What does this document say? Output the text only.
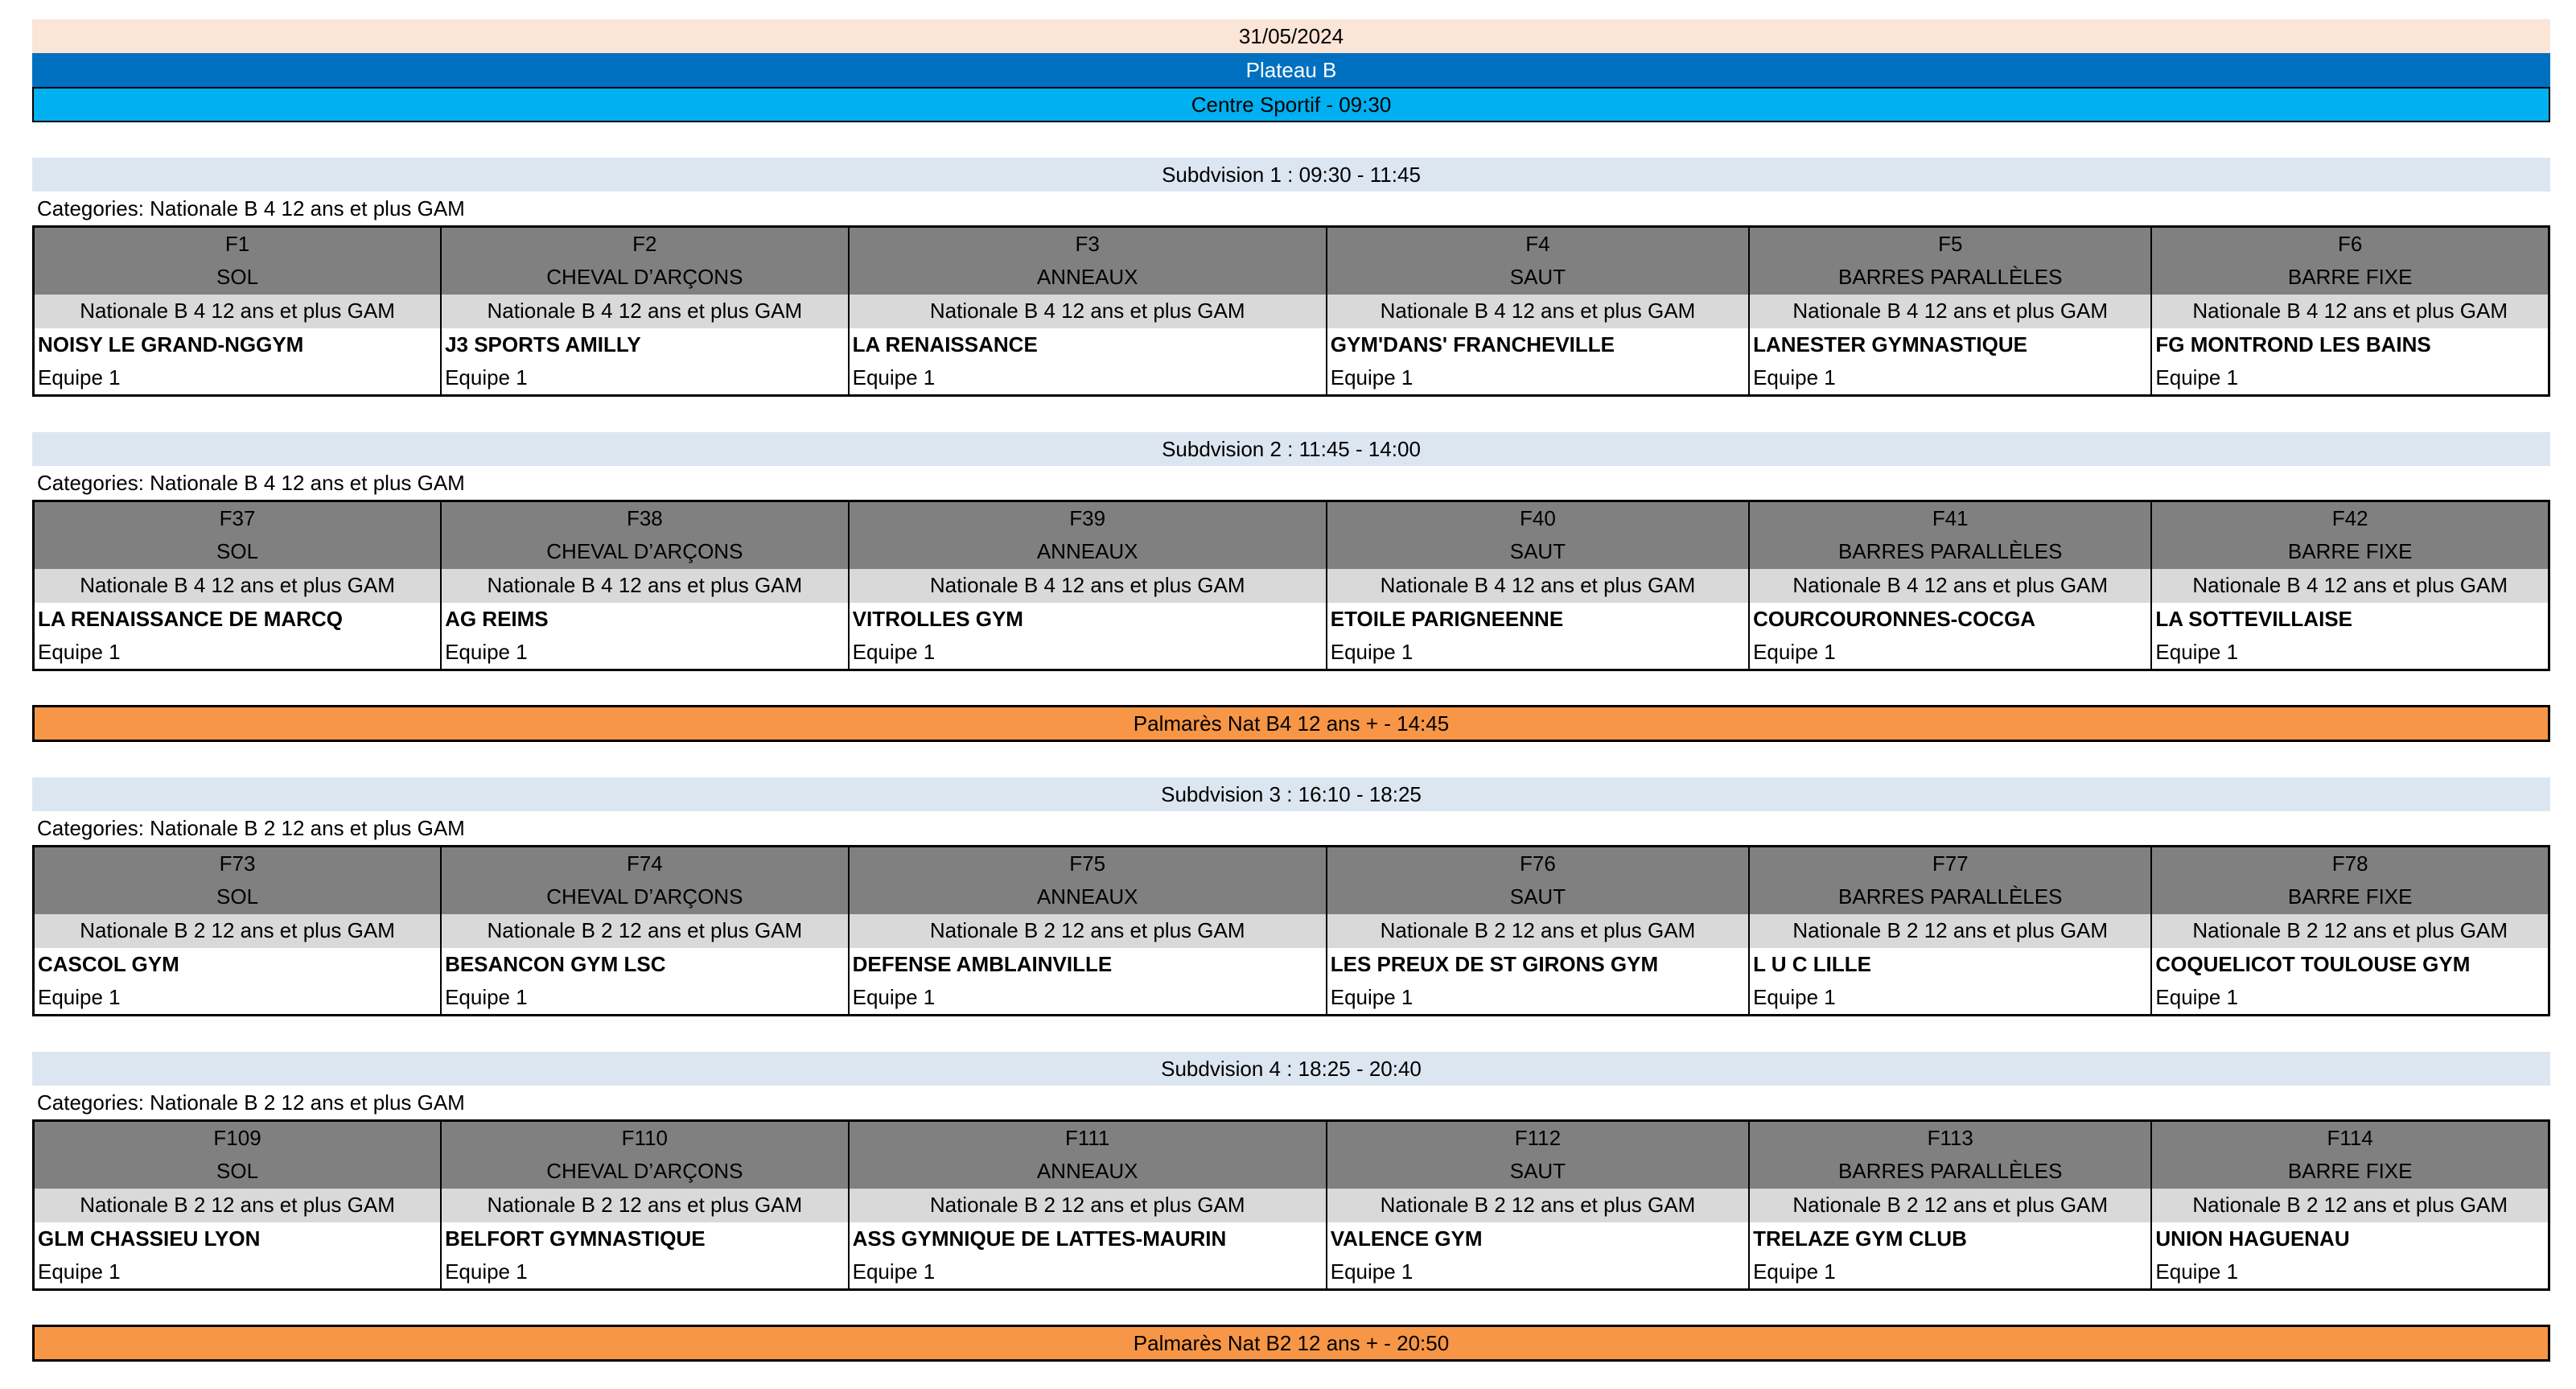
31/05/2024
Plateau B
Centre Sportif - 09:30
Subdvision 1 : 09:30 - 11:45
Categories: Nationale B 4 12 ans et plus GAM
F1	F2	F3	F4	F5	F6
SOL	CHEVAL D’ARÇONS	ANNEAUX	SAUT	BARRES PARALLÈLES	BARRE FIXE
Nationale B 4 12 ans et plus GAM	Nationale B 4 12 ans et plus GAM	Nationale B 4 12 ans et plus GAM	Nationale B 4 12 ans et plus GAM	Nationale B 4 12 ans et plus GAM	Nationale B 4 12 ans et plus GAM
NOISY LE GRAND-NGGYM	J3 SPORTS AMILLY	LA RENAISSANCE	GYM'DANS' FRANCHEVILLE	LANESTER GYMNASTIQUE	FG MONTROND LES BAINS
Equipe 1	Equipe 1	Equipe 1	Equipe 1	Equipe 1	Equipe 1
Subdvision 2 : 11:45 - 14:00
Categories: Nationale B 4 12 ans et plus GAM
F37	F38	F39	F40	F41	F42
SOL	CHEVAL D’ARÇONS	ANNEAUX	SAUT	BARRES PARALLÈLES	BARRE FIXE
Nationale B 4 12 ans et plus GAM	Nationale B 4 12 ans et plus GAM	Nationale B 4 12 ans et plus GAM	Nationale B 4 12 ans et plus GAM	Nationale B 4 12 ans et plus GAM	Nationale B 4 12 ans et plus GAM
LA RENAISSANCE DE MARCQ	AG REIMS	VITROLLES GYM	ETOILE PARIGNEENNE	COURCOURONNES-COCGA	LA SOTTEVILLAISE
Equipe 1	Equipe 1	Equipe 1	Equipe 1	Equipe 1	Equipe 1
Palmarès Nat B4 12 ans + - 14:45
Subdvision 3 : 16:10 - 18:25
Categories: Nationale B 2 12 ans et plus GAM
F73	F74	F75	F76	F77	F78
SOL	CHEVAL D’ARÇONS	ANNEAUX	SAUT	BARRES PARALLÈLES	BARRE FIXE
Nationale B 2 12 ans et plus GAM	Nationale B 2 12 ans et plus GAM	Nationale B 2 12 ans et plus GAM	Nationale B 2 12 ans et plus GAM	Nationale B 2 12 ans et plus GAM	Nationale B 2 12 ans et plus GAM
CASCOL GYM	BESANCON GYM LSC	DEFENSE AMBLAINVILLE	LES PREUX DE ST GIRONS GYM	L U C LILLE	COQUELICOT TOULOUSE GYM
Equipe 1	Equipe 1	Equipe 1	Equipe 1	Equipe 1	Equipe 1
Subdvision 4 : 18:25 - 20:40
Categories: Nationale B 2 12 ans et plus GAM
F109	F110	F111	F112	F113	F114
SOL	CHEVAL D’ARÇONS	ANNEAUX	SAUT	BARRES PARALLÈLES	BARRE FIXE
Nationale B 2 12 ans et plus GAM	Nationale B 2 12 ans et plus GAM	Nationale B 2 12 ans et plus GAM	Nationale B 2 12 ans et plus GAM	Nationale B 2 12 ans et plus GAM	Nationale B 2 12 ans et plus GAM
GLM CHASSIEU LYON	BELFORT GYMNASTIQUE	ASS GYMNIQUE DE LATTES-MAURIN	VALENCE GYM	TRELAZE GYM CLUB	UNION HAGUENAU
Equipe 1	Equipe 1	Equipe 1	Equipe 1	Equipe 1	Equipe 1
Palmarès Nat B2 12 ans + - 20:50
